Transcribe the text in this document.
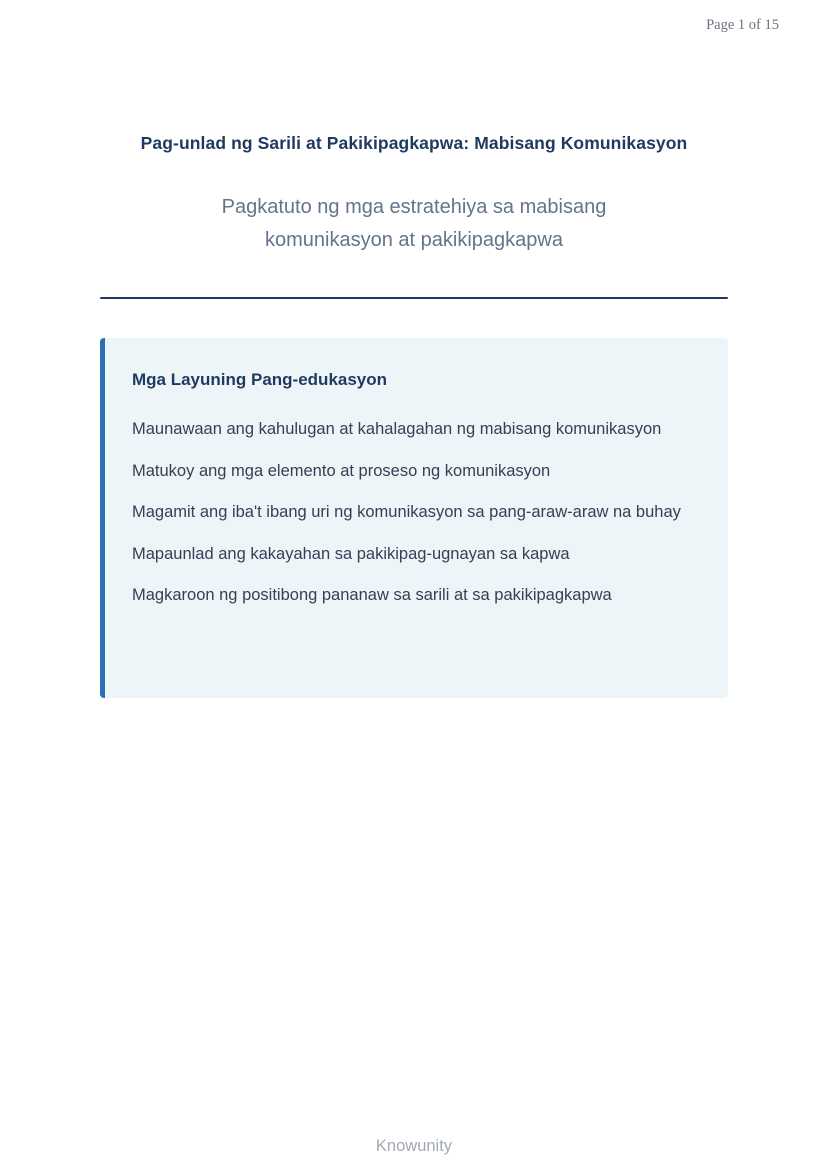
Page 1 of 15
Pag-unlad ng Sarili at Pakikipagkapwa: Mabisang Komunikasyon
Pagkatuto ng mga estratehiya sa mabisang komunikasyon at pakikipagkapwa
Mga Layuning Pang-edukasyon
Maunawaan ang kahulugan at kahalagahan ng mabisang komunikasyon
Matukoy ang mga elemento at proseso ng komunikasyon
Magamit ang iba't ibang uri ng komunikasyon sa pang-araw-araw na buhay
Mapaunlad ang kakayahan sa pakikipag-ugnayan sa kapwa
Magkaroon ng positibong pananaw sa sarili at sa pakikipagkapwa
Knowunity
